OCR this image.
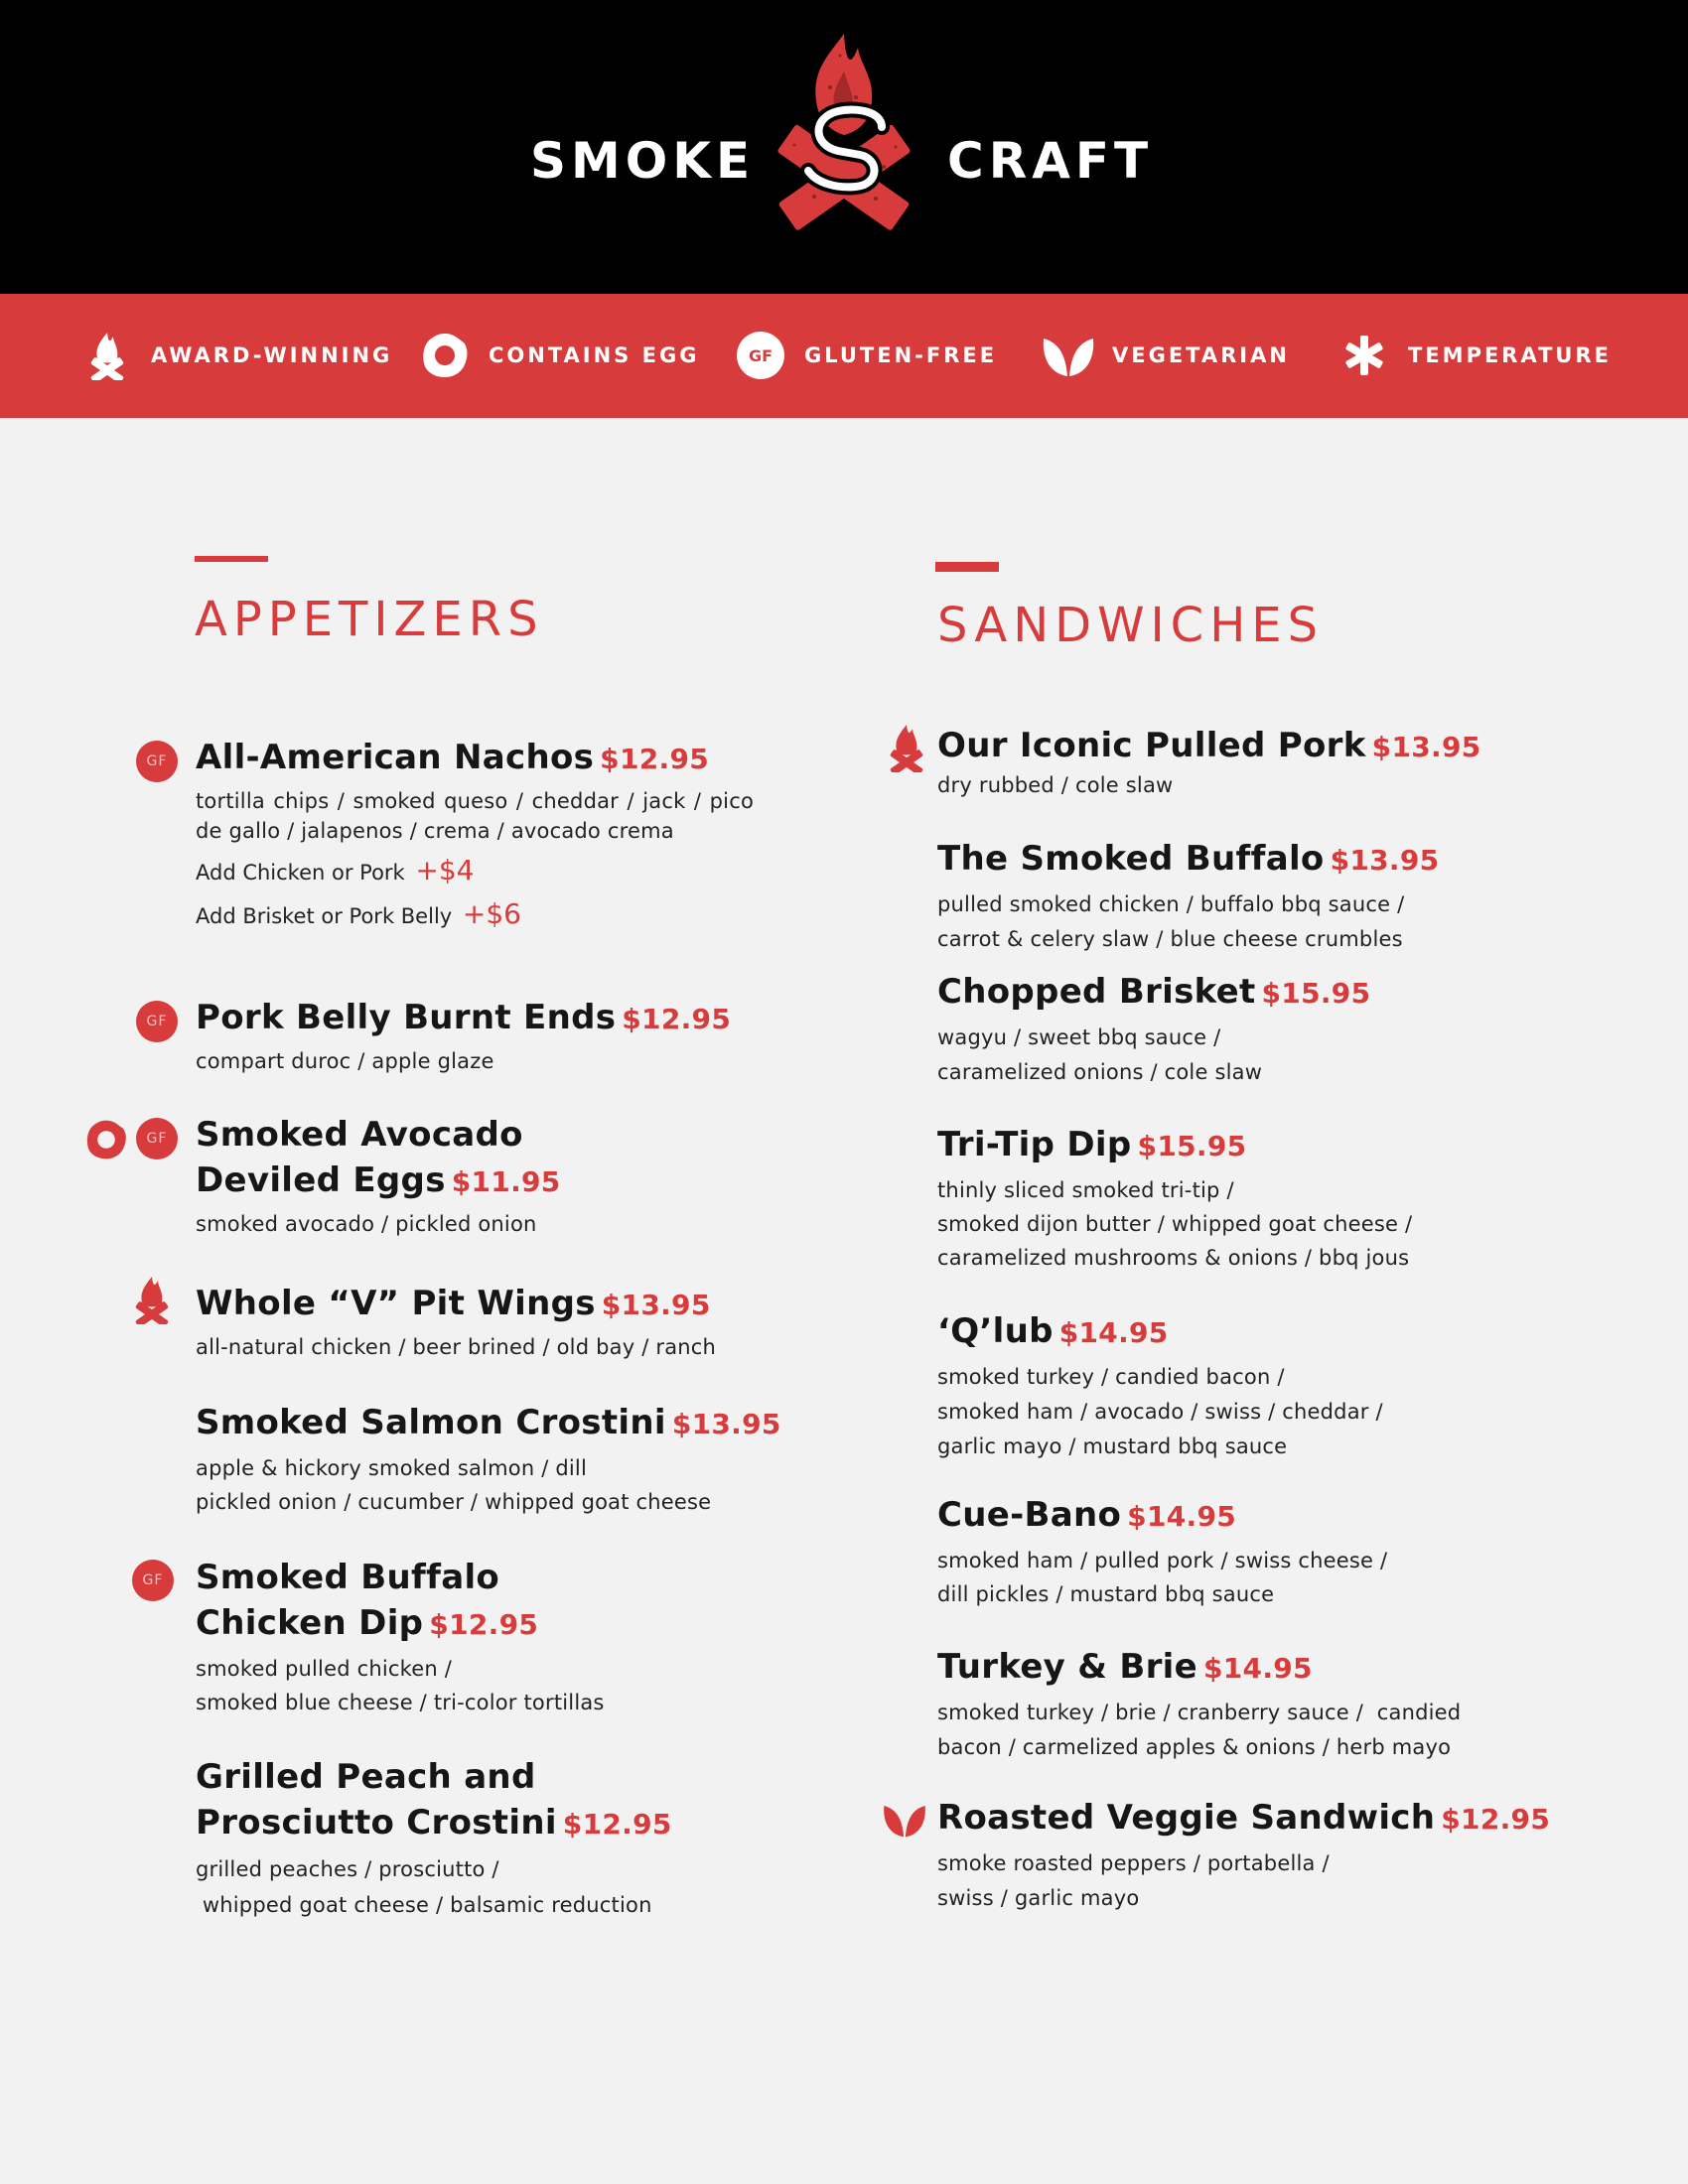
SMOKE	CRAFT
AWARD-WINNING	CONTAINS EGG	GF	GLUTEN-FREE	VEGETARIAN	TEMPERATURE
APPETIZERS
GF All-American Nachos $12.95
tortilla chips / smoked queso / cheddar / jack / pico de gallo / jalapenos / crema / avocado crema
Add Chicken or Pork +$4
Add Brisket or Pork Belly +$6
GF Pork Belly Burnt Ends $12.95
compart duroc / apple glaze
GF Smoked Avocado
Deviled Eggs $11.95
smoked avocado / pickled onion
Whole “V” Pit Wings $13.95
all-natural chicken / beer brined / old bay / ranch
Smoked Salmon Crostini $13.95
apple & hickory smoked salmon / dill
pickled onion / cucumber / whipped goat cheese
GF Smoked Buffalo
Chicken Dip $12.95
smoked pulled chicken /
smoked blue cheese / tri-color tortillas
Grilled Peach and
Prosciutto Crostini $12.95
grilled peaches / prosciutto /
whipped goat cheese / balsamic reduction
SANDWICHES
Our Iconic Pulled Pork $13.95
dry rubbed / cole slaw
The Smoked Buffalo $13.95
pulled smoked chicken / buffalo bbq sauce /
carrot & celery slaw / blue cheese crumbles
Chopped Brisket $15.95
wagyu / sweet bbq sauce /
caramelized onions / cole slaw
Tri-Tip Dip $15.95
thinly sliced smoked tri-tip /
smoked dijon butter / whipped goat cheese /
caramelized mushrooms & onions / bbq jous
‘Q’lub $14.95
smoked turkey / candied bacon /
smoked ham / avocado / swiss / cheddar /
garlic mayo / mustard bbq sauce
Cue-Bano $14.95
smoked ham / pulled pork / swiss cheese /
dill pickles / mustard bbq sauce
Turkey & Brie $14.95
smoked turkey / brie / cranberry sauce /  candied
bacon / carmelized apples & onions / herb mayo
Roasted Veggie Sandwich $12.95
smoke roasted peppers / portabella /
swiss / garlic mayo
